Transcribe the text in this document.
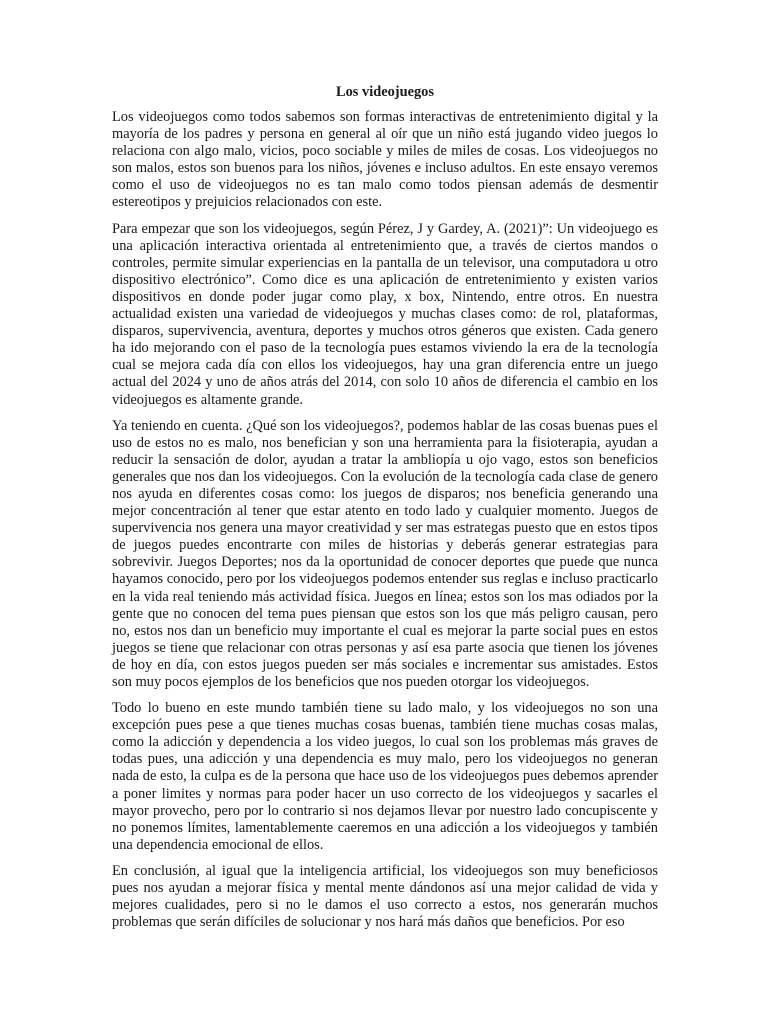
Los videojuegos

Los videojuegos como todos sabemos son formas interactivas de entretenimiento digital y la mayoría de los padres y persona en general al oír que un niño está jugando video juegos lo relaciona con algo malo, vicios, poco sociable y miles de miles de cosas. Los videojuegos no son malos, estos son buenos para los niños, jóvenes e incluso adultos. En este ensayo veremos como el uso de videojuegos no es tan malo como todos piensan además de desmentir estereotipos y prejuicios relacionados con este.

Para empezar que son los videojuegos, según Pérez, J y Gardey, A. (2021)”: Un videojuego es una aplicación interactiva orientada al entretenimiento que, a través de ciertos mandos o controles, permite simular experiencias en la pantalla de un televisor, una computadora u otro dispositivo electrónico”. Como dice es una aplicación de entretenimiento y existen varios dispositivos en donde poder jugar como play, x box, Nintendo, entre otros. En nuestra actualidad existen una variedad de videojuegos y muchas clases como: de rol, plataformas, disparos, supervivencia, aventura, deportes y muchos otros géneros que existen. Cada genero ha ido mejorando con el paso de la tecnología pues estamos viviendo la era de la tecnología cual se mejora cada día con ellos los videojuegos, hay una gran diferencia entre un juego actual del 2024 y uno de años atrás del 2014, con solo 10 años de diferencia el cambio en los videojuegos es altamente grande.

Ya teniendo en cuenta. ¿Qué son los videojuegos?, podemos hablar de las cosas buenas pues el uso de estos no es malo, nos benefician y son una herramienta para la fisioterapia, ayudan a reducir la sensación de dolor, ayudan a tratar la ambliopía u ojo vago, estos son beneficios generales que nos dan los videojuegos. Con la evolución de la tecnología cada clase de genero nos ayuda en diferentes cosas como: los juegos de disparos; nos beneficia generando una mejor concentración al tener que estar atento en todo lado y cualquier momento. Juegos de supervivencia nos genera una mayor creatividad y ser mas estrategas puesto que en estos tipos de juegos puedes encontrarte con miles de historias y deberás generar estrategias para sobrevivir. Juegos Deportes; nos da la oportunidad de conocer deportes que puede que nunca hayamos conocido, pero por los videojuegos podemos entender sus reglas e incluso practicarlo en la vida real teniendo más actividad física. Juegos en línea; estos son los mas odiados por la gente que no conocen del tema pues piensan que estos son los que más peligro causan, pero no, estos nos dan un beneficio muy importante el cual es mejorar la parte social pues en estos juegos se tiene que relacionar con otras personas y así esa parte asocia que tienen los jóvenes de hoy en día, con estos juegos pueden ser más sociales e incrementar sus amistades. Estos son muy pocos ejemplos de los beneficios que nos pueden otorgar los videojuegos.

Todo lo bueno en este mundo también tiene su lado malo, y los videojuegos no son una excepción pues pese a que tienes muchas cosas buenas, también tiene muchas cosas malas, como la adicción y dependencia a los video juegos, lo cual son los problemas más graves de todas pues, una adicción y una dependencia es muy malo, pero los videojuegos no generan nada de esto, la culpa es de la persona que hace uso de los videojuegos pues debemos aprender a poner limites y normas para poder hacer un uso correcto de los videojuegos y sacarles el mayor provecho, pero por lo contrario si nos dejamos llevar por nuestro lado concupiscente y no ponemos límites, lamentablemente caeremos en una adicción a los videojuegos y también una dependencia emocional de ellos.

En conclusión, al igual que la inteligencia artificial, los videojuegos son muy beneficiosos pues nos ayudan a mejorar física y mental mente dándonos así una mejor calidad de vida y mejores cualidades, pero si no le damos el uso correcto a estos, nos generarán muchos problemas que serán difíciles de solucionar y nos hará más daños que beneficios. Por eso
